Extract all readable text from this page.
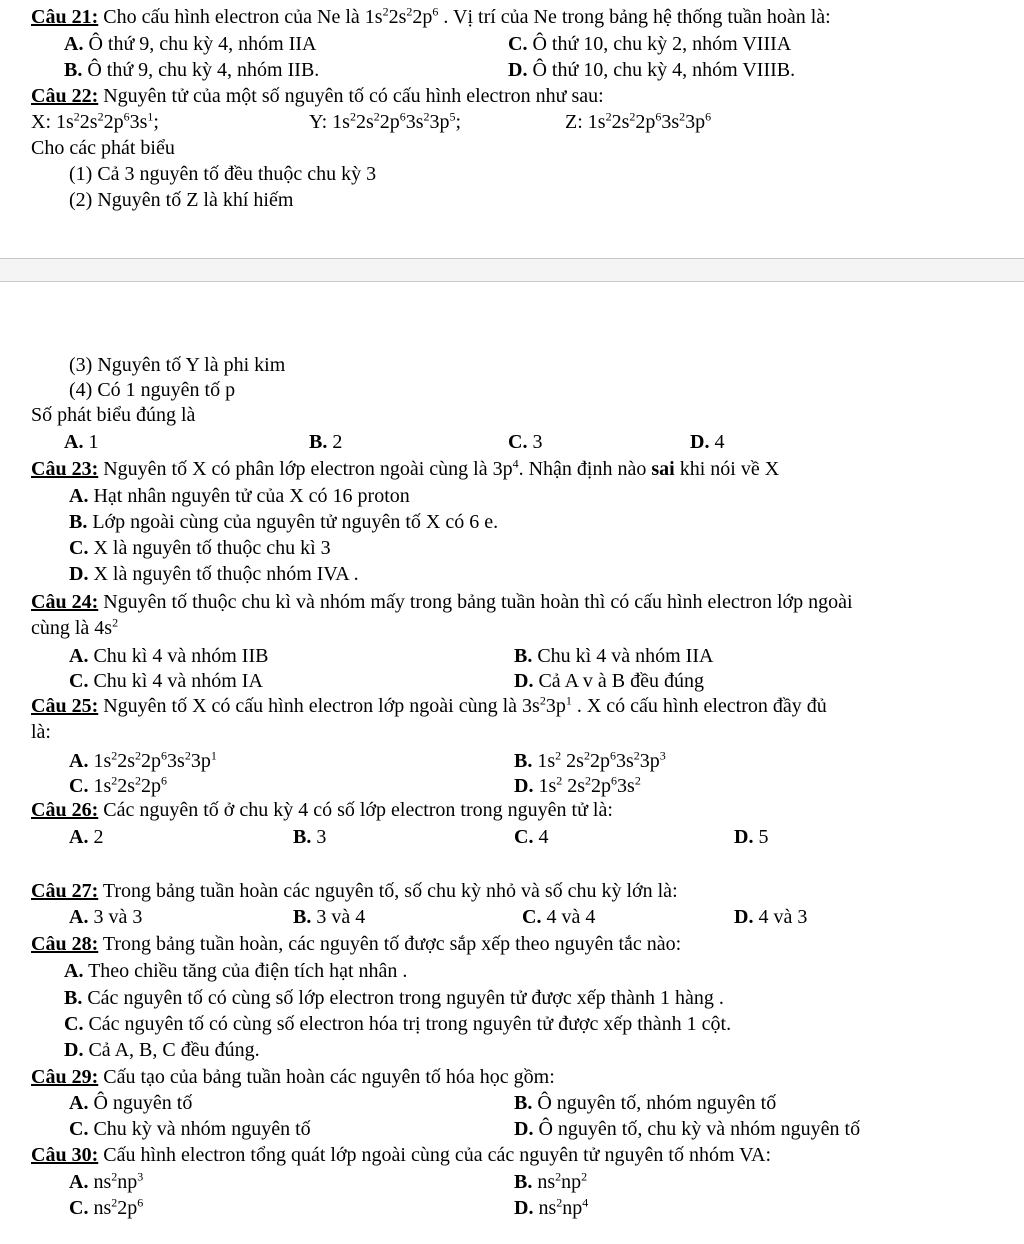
Câu 21: Cho cấu hình electron của Ne là $1s^22s^22p^6$ . Vị trí của Ne trong bảng hệ thống tuần hoàn là:
A. Ô thứ 9, chu kỳ 4, nhóm IIA	C. Ô thứ 10, chu kỳ 2, nhóm VIIIA
B. Ô thứ 9, chu kỳ 4, nhóm IIB.	D. Ô thứ 10, chu kỳ 4, nhóm VIIIB.
Câu 22: Nguyên tử của một số nguyên tố có cấu hình electron như sau:
X: $1s^22s^22p^63s^1$;	Y: $1s^22s^22p^63s^23p^5$;	Z: $1s^22s^22p^63s^23p^6$
Cho các phát biểu
(1) Cả 3 nguyên tố đều thuộc chu kỳ 3
(2) Nguyên tố Z là khí hiếm
(3) Nguyên tố Y là phi kim
(4) Có 1 nguyên tố p
Số phát biểu đúng là
A. 1	B. 2	C. 3	D. 4
Câu 23: Nguyên tố X có phân lớp electron ngoài cùng là $3p^4$. Nhận định nào sai khi nói về X
A. Hạt nhân nguyên tử của X có 16 proton
B. Lớp ngoài cùng của nguyên tử nguyên tố X có 6 e.
C. X là nguyên tố thuộc chu kì 3
D. X là nguyên tố thuộc nhóm IVA .
Câu 24: Nguyên tố thuộc chu kì và nhóm mấy trong bảng tuần hoàn thì có cấu hình electron lớp ngoài
cùng là $4s^2$
A. Chu kì 4 và nhóm IIB	B. Chu kì 4 và nhóm IIA
C. Chu kì 4 và nhóm IA	D. Cả A v à B đều đúng
Câu 25: Nguyên tố X có cấu hình electron lớp ngoài cùng là $3s^23p^1$ . X có cấu hình electron đầy đủ
là:
A. $1s^22s^22p^63s^23p^1$	B. $1s^2$ $2s^22p^63s^23p^3$
C. $1s^22s^22p^6$	D. $1s^2$ $2s^22p^63s^2$
Câu 26: Các nguyên tố ở chu kỳ 4 có số lớp electron trong nguyên tử là:
A. 2	B. 3	C. 4	D. 5
Câu 27: Trong bảng tuần hoàn các nguyên tố, số chu kỳ nhỏ và số chu kỳ lớn là:
A. 3 và 3	B. 3 và 4	C. 4 và 4	D. 4 và 3
Câu 28: Trong bảng tuần hoàn, các nguyên tố được sắp xếp theo nguyên tắc nào:
A. Theo chiều tăng của điện tích hạt nhân .
B. Các nguyên tố có cùng số lớp electron trong nguyên tử được xếp thành 1 hàng .
C. Các nguyên tố có cùng số electron hóa trị trong nguyên tử được xếp thành 1 cột.
D. Cả A, B, C đều đúng.
Câu 29: Cấu tạo của bảng tuần hoàn các nguyên tố hóa học gồm:
A. Ô nguyên tố	B. Ô nguyên tố, nhóm nguyên tố
C. Chu kỳ và nhóm nguyên tố	D. Ô nguyên tố, chu kỳ và nhóm nguyên tố
Câu 30: Cấu hình electron tổng quát lớp ngoài cùng của các nguyên tử nguyên tố nhóm VA:
A. $ns^2np^3$	B. $ns^2np^2$
C. $ns^22p^6$	D. $ns^2np^4$
